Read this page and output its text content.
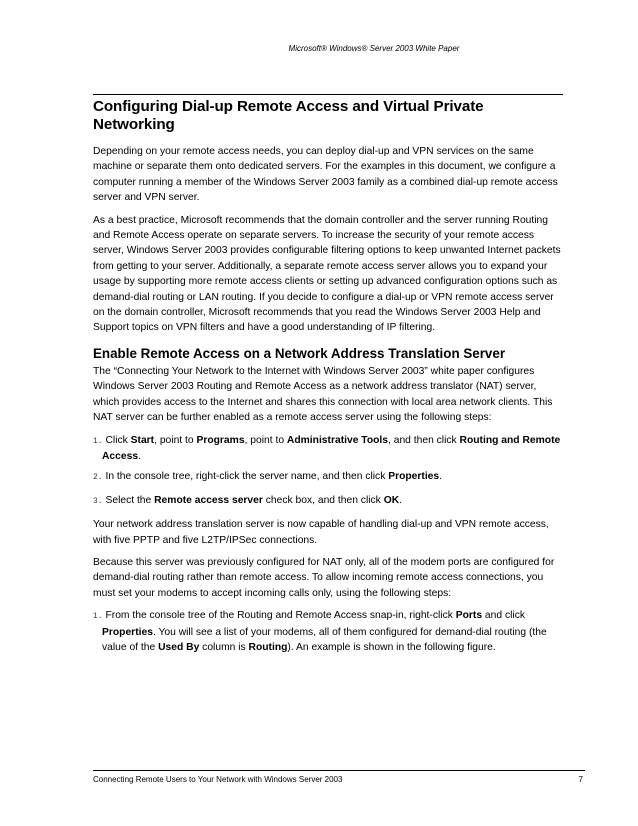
Microsoft® Windows® Server 2003 White Paper
Configuring Dial-up Remote Access and Virtual Private Networking

Depending on your remote access needs, you can deploy dial-up and VPN services on the same machine or separate them onto dedicated servers. For the examples in this document, we configure a computer running a member of the Windows Server 2003 family as a combined dial-up remote access server and VPN server.

As a best practice, Microsoft recommends that the domain controller and the server running Routing and Remote Access operate on separate servers. To increase the security of your remote access server, Windows Server 2003 provides configurable filtering options to keep unwanted Internet packets from getting to your server. Additionally, a separate remote access server allows you to expand your usage by supporting more remote access clients or setting up advanced configuration options such as demand-dial routing or LAN routing. If you decide to configure a dial-up or VPN remote access server on the domain controller, Microsoft recommends that you read the Windows Server 2003 Help and Support topics on VPN filters and have a good understanding of IP filtering.

Enable Remote Access on a Network Address Translation Server

The “Connecting Your Network to the Internet with Windows Server 2003” white paper configures Windows Server 2003 Routing and Remote Access as a network address translator (NAT) server, which provides access to the Internet and shares this connection with local area network clients. This NAT server can be further enabled as a remote access server using the following steps:

1. Click Start, point to Programs, point to Administrative Tools, and then click Routing and Remote Access.
2. In the console tree, right-click the server name, and then click Properties.
3. Select the Remote access server check box, and then click OK.

Your network address translation server is now capable of handling dial-up and VPN remote access, with five PPTP and five L2TP/IPSec connections.

Because this server was previously configured for NAT only, all of the modem ports are configured for demand-dial routing rather than remote access. To allow incoming remote access connections, you must set your modems to accept incoming calls only, using the following steps:

1. From the console tree of the Routing and Remote Access snap-in, right-click Ports and click Properties. You will see a list of your modems, all of them configured for demand-dial routing (the value of the Used By column is Routing). An example is shown in the following figure.
Connecting Remote Users to Your Network with Windows Server 2003	7
